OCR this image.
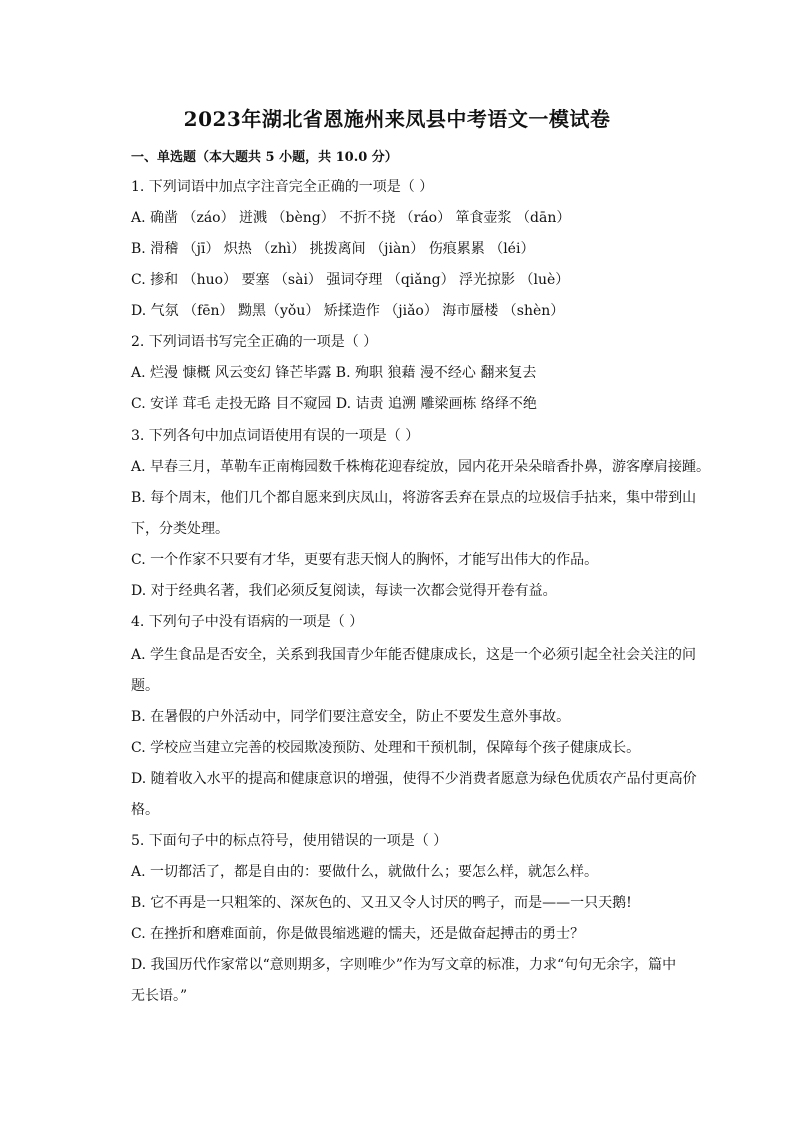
2023年湖北省恩施州来凤县中考语文一模试卷
一、单选题（本大题共 5 小题，共 10.0 分）
1. 下列词语中加点字注音完全正确的一项是（ ）
A. 确凿 （záo） 迸溅 （bèng） 不折不挠 （ráo） 箪食壶浆 （dān）
B. 滑稽 （jī） 炽热 （zhì） 挑拨离间 （jiàn） 伤痕累累 （léi）
C. 掺和 （huo） 要塞 （sài） 强词夺理 （qiǎng） 浮光掠影 （luè）
D. 气氛 （fēn） 黝黑（yǒu） 矫揉造作 （jiǎo） 海市蜃楼 （shèn）
2. 下列词语书写完全正确的一项是（ ）
A. 烂漫 慷概 风云变幻 锋芒毕露 B. 殉职 狼藉 漫不经心 翻来复去
C. 安详 茸毛 走投无路 目不窥园 D. 诘责 追溯 雕梁画栋 络绎不绝
3. 下列各句中加点词语使用有误的一项是（ ）
A. 早春三月，革勒车正南梅园数千株梅花迎春绽放，园内花开朵朵暗香扑鼻，游客摩肩接踵。
B. 每个周末，他们几个都自愿来到庆凤山，将游客丢弃在景点的垃圾信手拈来，集中带到山
下，分类处理。
C. 一个作家不只要有才华，更要有悲天悯人的胸怀，才能写出伟大的作品。
D. 对于经典名著，我们必须反复阅读，每读一次都会觉得开卷有益。
4. 下列句子中没有语病的一项是（ ）
A. 学生食品是否安全，关系到我国青少年能否健康成长，这是一个必须引起全社会关注的问
题。
B. 在暑假的户外活动中，同学们要注意安全，防止不要发生意外事故。
C. 学校应当建立完善的校园欺凌预防、处理和干预机制，保障每个孩子健康成长。
D. 随着收入水平的提高和健康意识的增强，使得不少消费者愿意为绿色优质农产品付更高价
格。
5. 下面句子中的标点符号，使用错误的一项是（ ）
A. 一切都活了，都是自由的：要做什么，就做什么；要怎么样，就怎么样。
B. 它不再是一只粗笨的、深灰色的、又丑又令人讨厌的鸭子，而是——一只天鹅!
C. 在挫折和磨难面前，你是做畏缩逃避的懦夫，还是做奋起搏击的勇士？
D. 我国历代作家常以“意则期多，字则唯少”作为写文章的标准，力求“句句无余字，篇中
无长语。”
